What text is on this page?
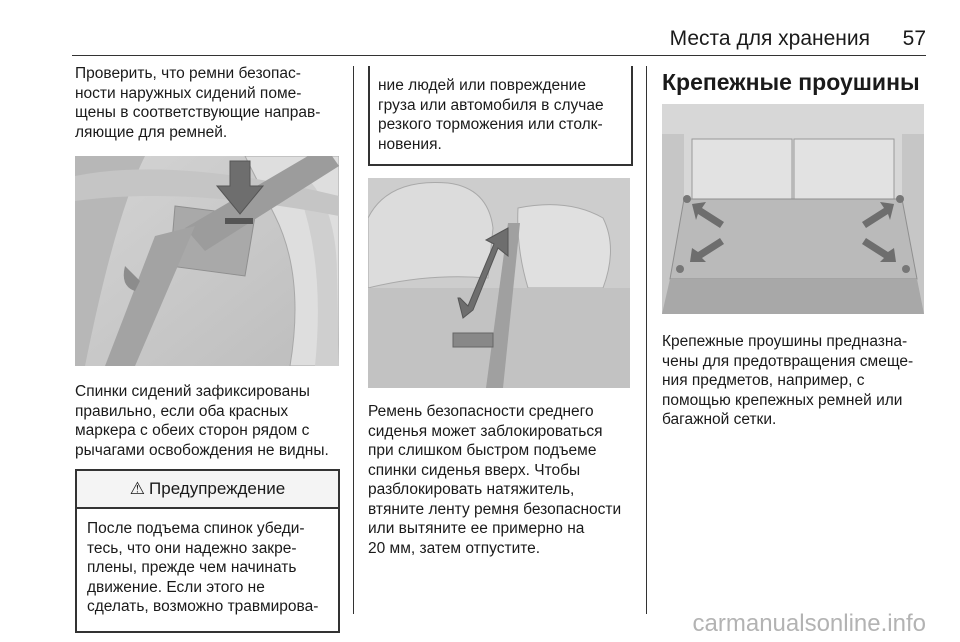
Места для хранения 57

Проверить, что ремни безопас-
ности наружных сидений поме-
щены в соответствующие направ-
ляющие для ремней.

Спинки сидений зафиксированы
правильно, если оба красных
маркера с обеих сторон рядом с
рычагами освобождения не видны.

⚠ Предупреждение

После подъема спинок убеди-
тесь, что они надежно закре-
плены, прежде чем начинать
движение. Если этого не
сделать, возможно травмирова-

ние людей или повреждение
груза или автомобиля в случае
резкого торможения или столк-
новения.

Ремень безопасности среднего
сиденья может заблокироваться
при слишком быстром подъеме
спинки сиденья вверх. Чтобы
разблокировать натяжитель,
втяните ленту ремня безопасности
или вытяните ее примерно на
20 мм, затем отпустите.

Крепежные проушины

Крепежные проушины предназна-
чены для предотвращения смеще-
ния предметов, например, с
помощью крепежных ремней или
багажной сетки.

carmanualsonline.info
